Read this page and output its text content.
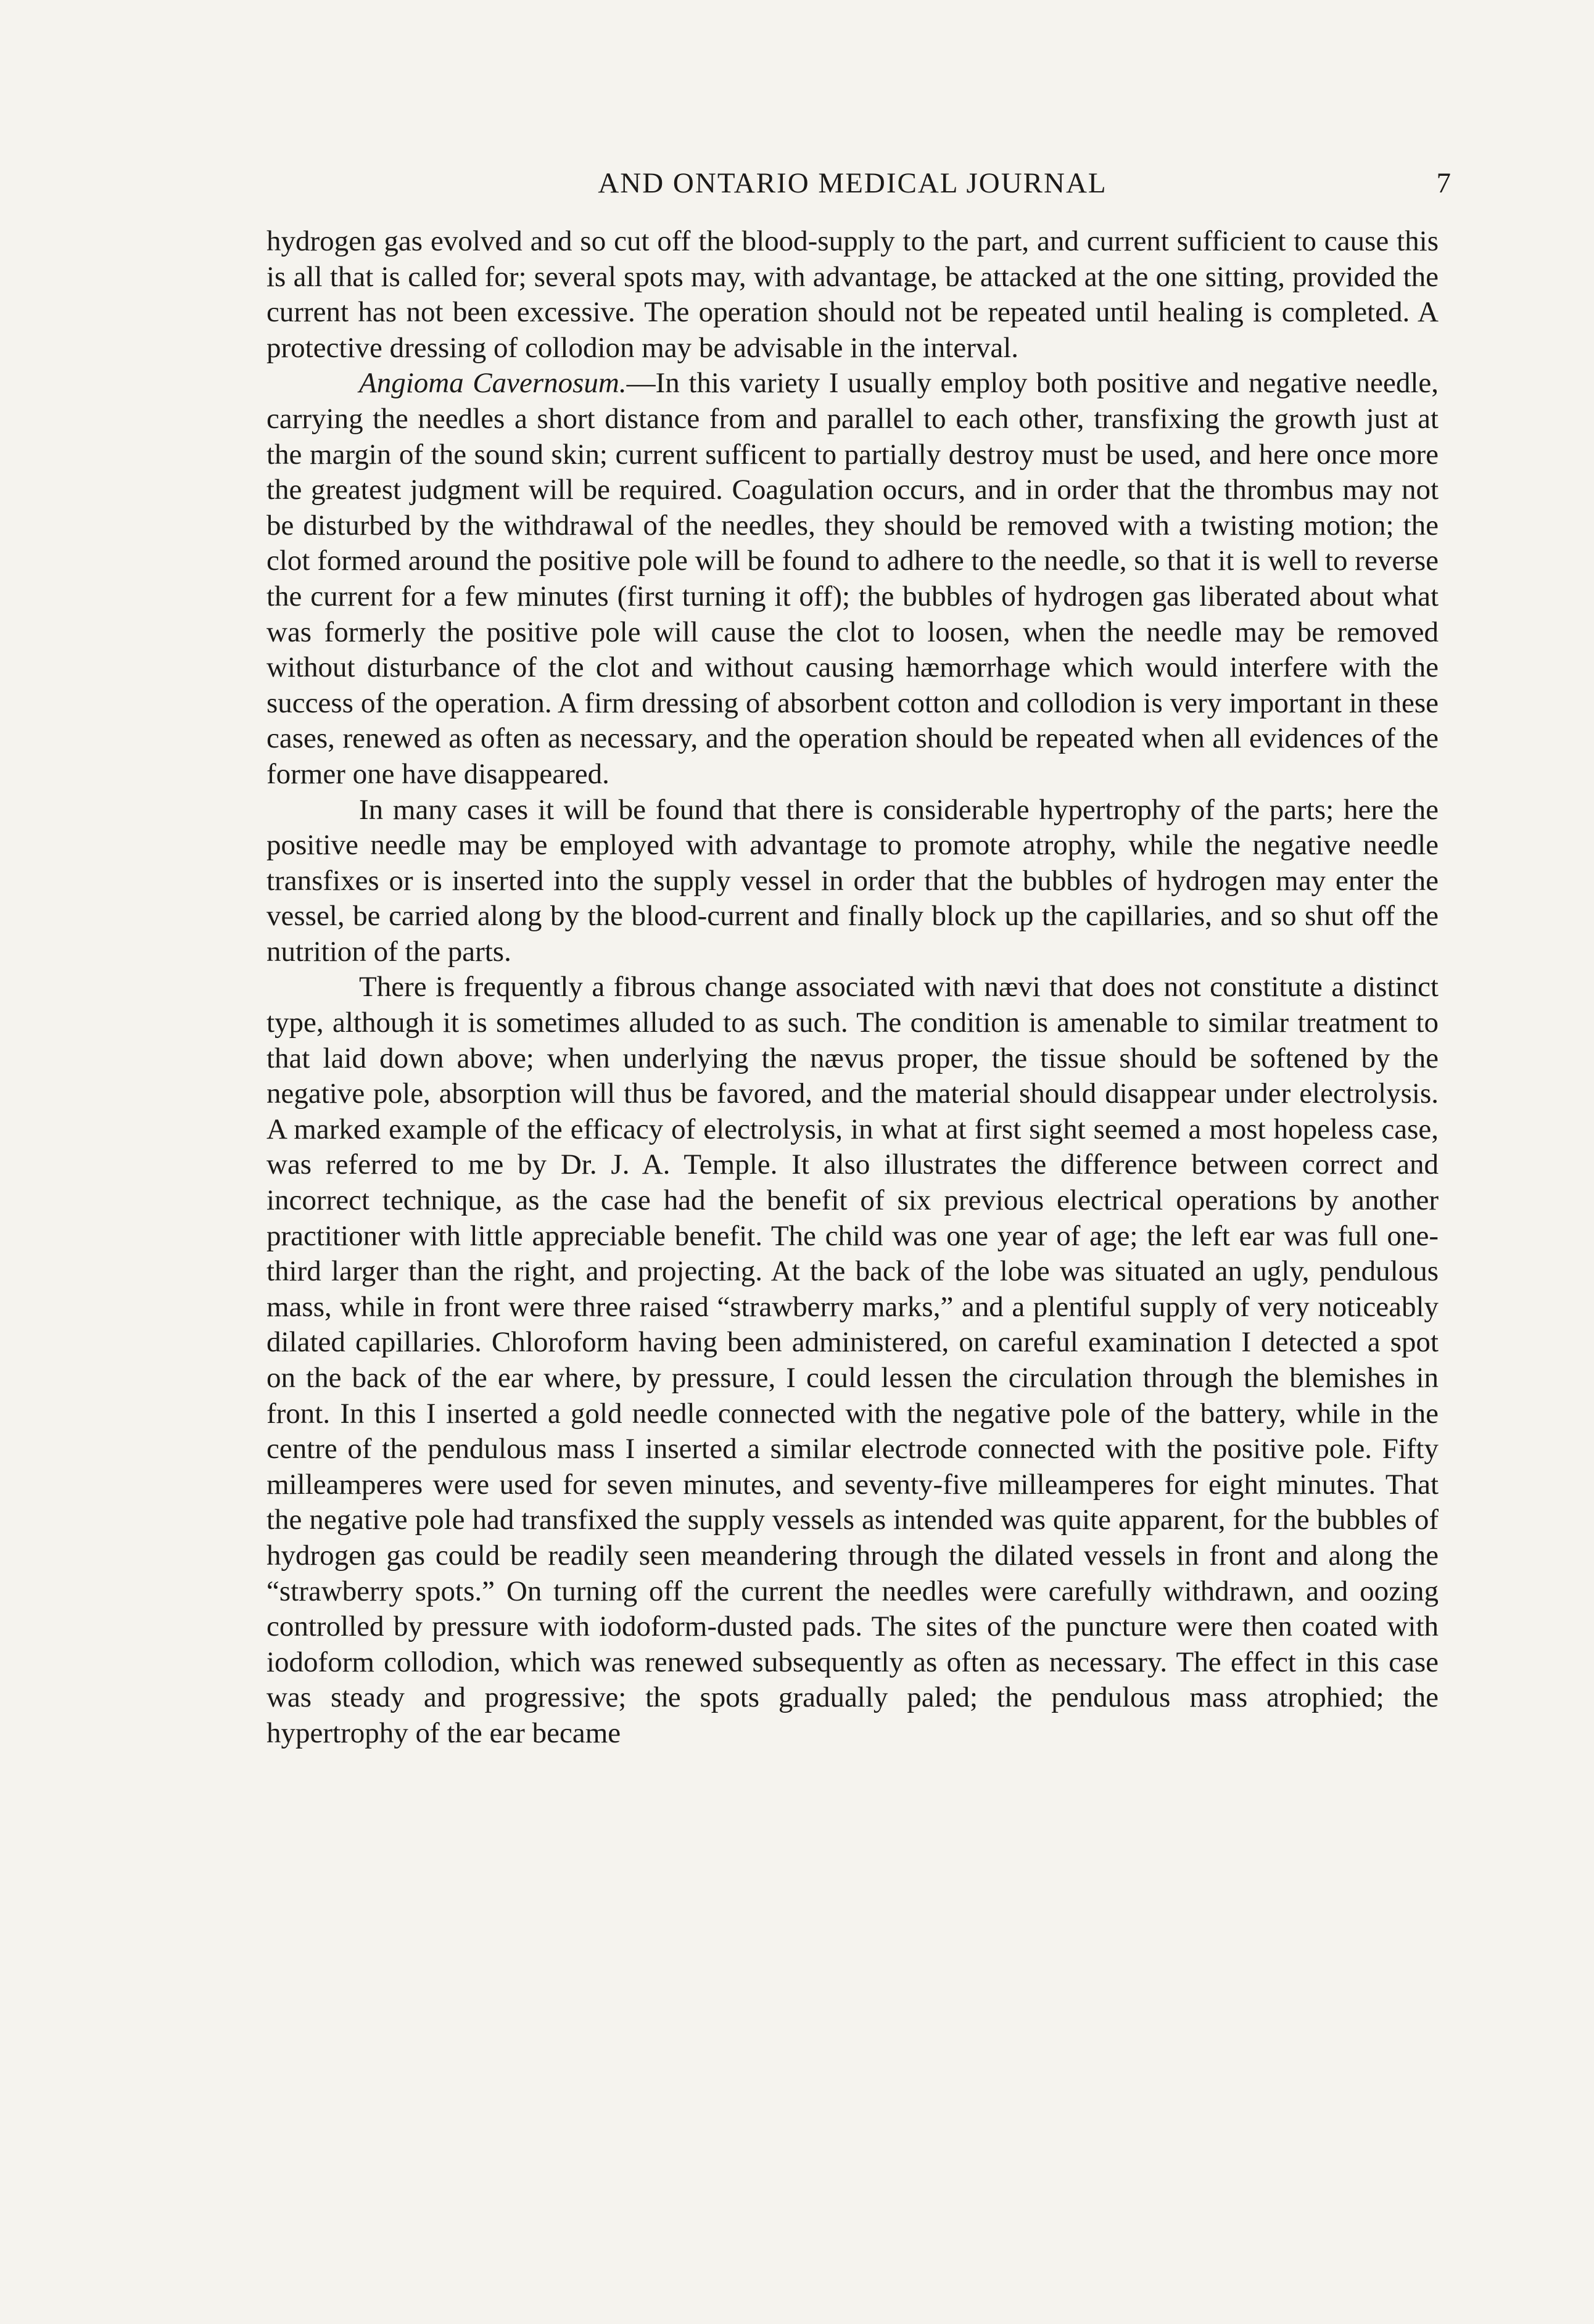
AND ONTARIO MEDICAL JOURNAL	7

hydrogen gas evolved and so cut off the blood-supply to the part, and current sufficient to cause this is all that is called for; several spots may, with advantage, be attacked at the one sitting, provided the current has not been excessive. The operation should not be repeated until healing is completed. A protective dressing of collodion may be advisable in the interval.

Angioma Cavernosum.—In this variety I usually employ both positive and negative needle, carrying the needles a short distance from and parallel to each other, transfixing the growth just at the margin of the sound skin; current sufficent to partially destroy must be used, and here once more the greatest judgment will be required. Coagulation occurs, and in order that the thrombus may not be disturbed by the withdrawal of the needles, they should be removed with a twisting motion; the clot formed around the positive pole will be found to adhere to the needle, so that it is well to reverse the current for a few minutes (first turning it off); the bubbles of hydrogen gas liberated about what was formerly the positive pole will cause the clot to loosen, when the needle may be removed without disturbance of the clot and without causing hæmorrhage which would interfere with the success of the operation. A firm dressing of absorbent cotton and collodion is very important in these cases, renewed as often as necessary, and the operation should be repeated when all evidences of the former one have disappeared.

In many cases it will be found that there is considerable hypertrophy of the parts; here the positive needle may be employed with advantage to promote atrophy, while the negative needle transfixes or is inserted into the supply vessel in order that the bubbles of hydrogen may enter the vessel, be carried along by the blood-current and finally block up the capillaries, and so shut off the nutrition of the parts.

There is frequently a fibrous change associated with nævi that does not constitute a distinct type, although it is sometimes alluded to as such. The condition is amenable to similar treatment to that laid down above; when underlying the nævus proper, the tissue should be softened by the negative pole, absorption will thus be favored, and the material should disappear under electrolysis. A marked example of the efficacy of electrolysis, in what at first sight seemed a most hopeless case, was referred to me by Dr. J. A. Temple. It also illustrates the difference between correct and incorrect technique, as the case had the benefit of six previous electrical operations by another practitioner with little appreciable benefit. The child was one year of age; the left ear was full one-third larger than the right, and projecting. At the back of the lobe was situated an ugly, pendulous mass, while in front were three raised “strawberry marks,” and a plentiful supply of very noticeably dilated capillaries. Chloroform having been administered, on careful examination I detected a spot on the back of the ear where, by pressure, I could lessen the circulation through the blemishes in front. In this I inserted a gold needle connected with the negative pole of the battery, while in the centre of the pendulous mass I inserted a similar electrode connected with the positive pole. Fifty milleamperes were used for seven minutes, and seventy-five milleamperes for eight minutes. That the negative pole had transfixed the supply vessels as intended was quite apparent, for the bubbles of hydrogen gas could be readily seen meandering through the dilated vessels in front and along the “strawberry spots.” On turning off the current the needles were carefully withdrawn, and oozing controlled by pressure with iodoform-dusted pads. The sites of the puncture were then coated with iodoform collodion, which was renewed subsequently as often as necessary. The effect in this case was steady and progressive; the spots gradually paled; the pendulous mass atrophied; the hypertrophy of the ear became
